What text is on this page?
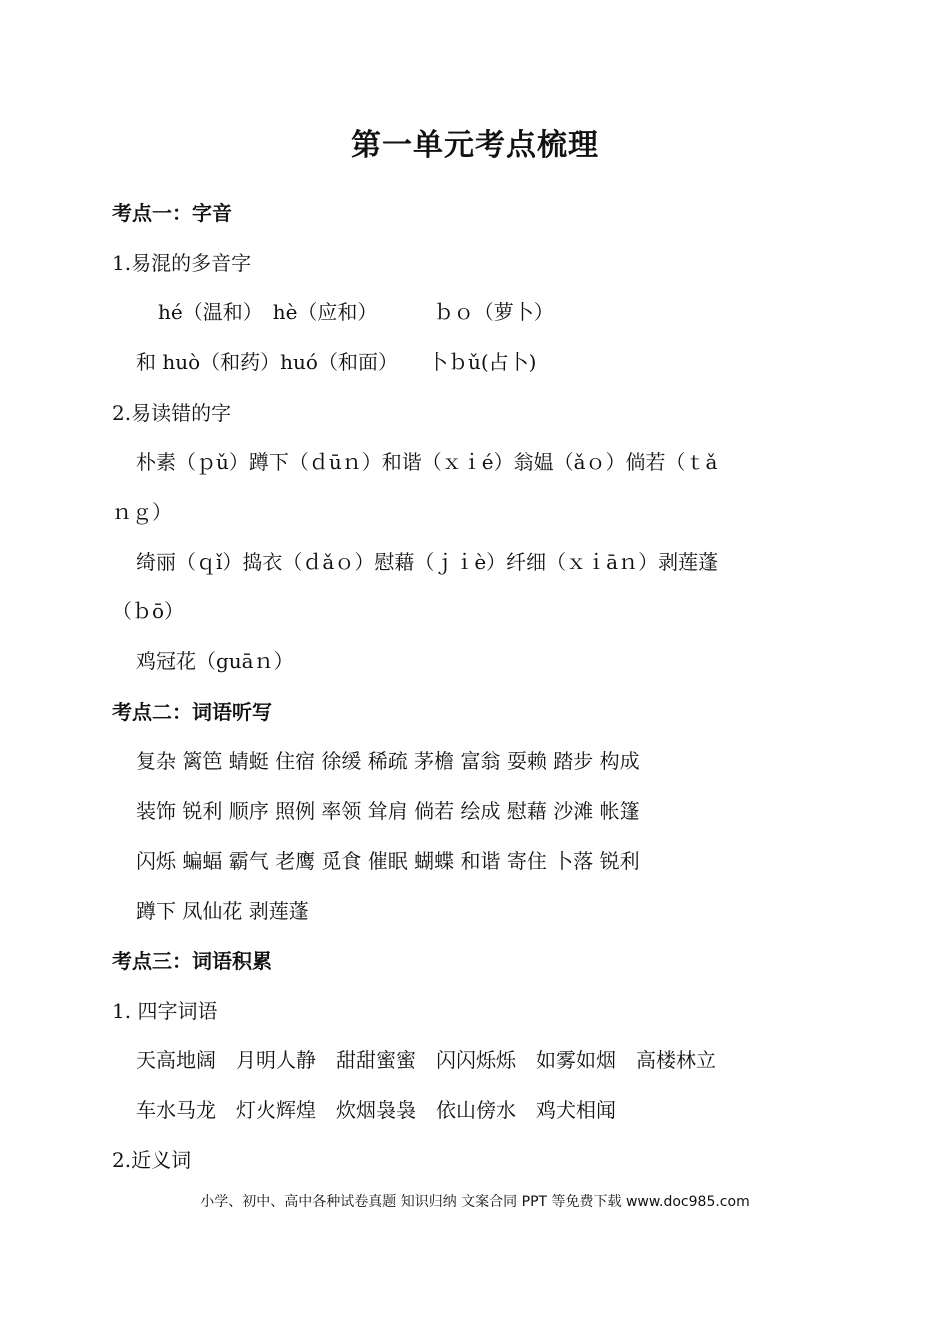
第一单元考点梳理
考点一：字音
1.易混的多音字
hé（温和）　hè（应和）　　　 ｂｏ（萝卜）
和 huò（和药）huó（和面）　　卜ｂǔ(占卜)
2.易读错的字
朴素（ｐǔ）蹲下（ｄūｎ）和谐（ｘｉé）翁媪（ǎｏ）倘若（ｔǎ
ｎｇ）
绮丽（ｑǐ）捣衣（ｄǎｏ）慰藉（ｊｉè）纤细（ｘｉāｎ）剥莲蓬
（ｂō）
鸡冠花（guāｎ）
考点二：词语听写
复杂 篱笆 蜻蜓 住宿 徐缓 稀疏 茅檐 富翁 耍赖 踏步 构成
装饰 锐利 顺序 照例 率领 耸肩 倘若 绘成 慰藉 沙滩 帐篷
闪烁 蝙蝠 霸气 老鹰 觅食 催眠 蝴蝶 和谐 寄住 卜落 锐利
蹲下 凤仙花 剥莲蓬
考点三：词语积累
1. 四字词语
天高地阔　月明人静　甜甜蜜蜜　闪闪烁烁　如雾如烟　高楼林立
车水马龙　灯火辉煌　炊烟袅袅　依山傍水　鸡犬相闻
2.近义词
小学、初中、高中各种试卷真题 知识归纳 文案合同 PPT 等免费下载 www.doc985.com
